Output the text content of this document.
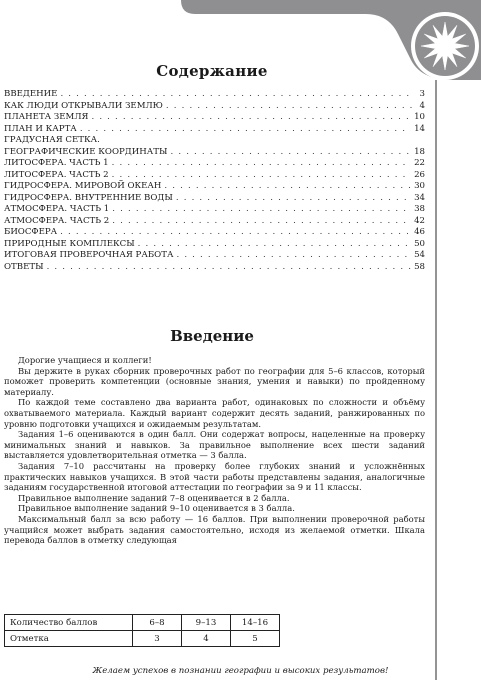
Содержание
ВВЕДЕНИЕ . . .	3
КАК ЛЮДИ ОТКРЫВАЛИ ЗЕМЛЮ . . .	4
ПЛАНЕТА ЗЕМЛЯ . . .	10
ПЛАН И КАРТА . . .	14
ГРАДУСНАЯ СЕТКА.
ГЕОГРАФИЧЕСКИЕ КООРДИНАТЫ . . .	18
ЛИТОСФЕРА. ЧАСТЬ 1 . . .	22
ЛИТОСФЕРА. ЧАСТЬ 2 . . .	26
ГИДРОСФЕРА. МИРОВОЙ ОКЕАН . . .	30
ГИДРОСФЕРА. ВНУТРЕННИЕ ВОДЫ . . .	34
АТМОСФЕРА. ЧАСТЬ 1 . . .	38
АТМОСФЕРА. ЧАСТЬ 2 . . .	42
БИОСФЕРА . . .	46
ПРИРОДНЫЕ КОМПЛЕКСЫ . . .	50
ИТОГОВАЯ ПРОВЕРОЧНАЯ РАБОТА . . .	54
ОТВЕТЫ . . .	58
Введение

Дорогие учащиеся и коллеги!

Вы держите в руках сборник проверочных работ по географии для 5–6 классов, который поможет проверить компетенции (основные знания, умения и навыки) по пройденному материалу.

По каждой теме составлено два варианта работ, одинаковых по сложности и объёму охватываемого материала. Каждый вариант содержит десять заданий, ранжированных по уровню подготовки учащихся и ожидаемым результатам.

Задания 1–6 оцениваются в один балл. Они содержат вопросы, нацеленные на проверку минимальных знаний и навыков. За правильное выполнение всех шести заданий выставляется удовлетворительная отметка — 3 балла.

Задания 7–10 рассчитаны на проверку более глубоких знаний и усложнённых практических навыков учащихся. В этой части работы представлены задания, аналогичные заданиям государственной итоговой аттестации по географии за 9 и 11 классы.

Правильное выполнение заданий 7–8 оценивается в 2 балла.

Правильное выполнение заданий 9–10 оценивается в 3 балла.

Максимальный балл за всю работу — 16 баллов. При выполнении проверочной работы учащийся может выбрать задания самостоятельно, исходя из желаемой отметки. Шкала перевода баллов в отметку следующая

Количество баллов	6–8	9–13	14–16
Отметка	3	4	5
Желаем успехов в познании географии и высоких результатов!
